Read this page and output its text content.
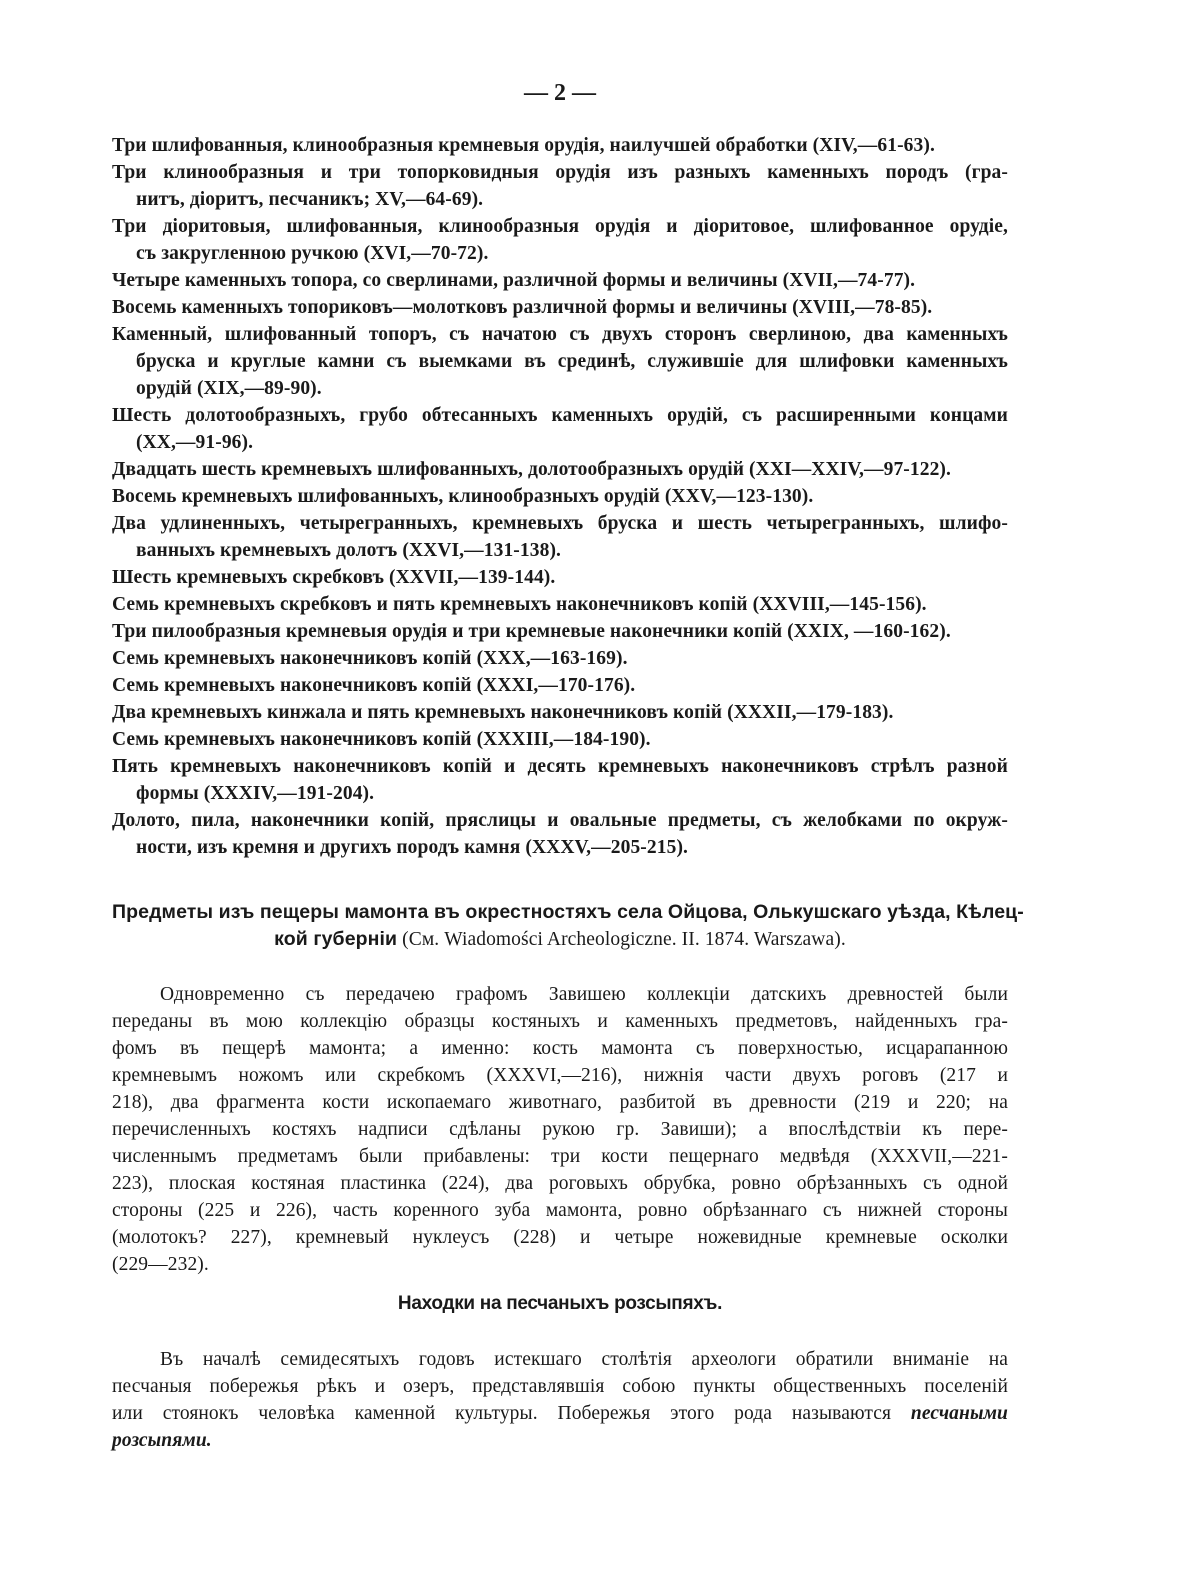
— 2 —
Три шлифованныя, клинообразныя кремневыя орудія, наилучшей обработки (XIV,—61-63).
Три клинообразныя и три топорковидныя орудія изъ разныхъ каменныхъ породъ (гра-
нитъ, діоритъ, песчаникъ; XV,—64-69).
Три діоритовыя, шлифованныя, клинообразныя орудія и діоритовое, шлифованное орудіе,
съ закругленною ручкою (XVI,—70-72).
Четыре каменныхъ топора, со сверлинами, различной формы и величины (XVII,—74-77).
Восемь каменныхъ топориковъ—молотковъ различной формы и величины (XVIII,—78-85).
Каменный, шлифованный топоръ, съ начатою съ двухъ сторонъ сверлиною, два каменныхъ
бруска и круглые камни съ выемками въ срединѣ, служившіе для шлифовки каменныхъ
орудій (XIX,—89-90).
Шесть долотообразныхъ, грубо обтесанныхъ каменныхъ орудій, съ расширенными концами
(XX,—91-96).
Двадцать шесть кремневыхъ шлифованныхъ, долотообразныхъ орудій (XXI—XXIV,—97-122).
Восемь кремневыхъ шлифованныхъ, клинообразныхъ орудій (XXV,—123-130).
Два удлиненныхъ, четырегранныхъ, кремневыхъ бруска и шесть четырегранныхъ, шлифо-
ванныхъ кремневыхъ долотъ (XXVI,—131-138).
Шесть кремневыхъ скребковъ (XXVII,—139-144).
Семь кремневыхъ скребковъ и пять кремневыхъ наконечниковъ копій (XXVIII,—145-156).
Три пилообразныя кремневыя орудія и три кремневые наконечники копій (XXIX, —160-162).
Семь кремневыхъ наконечниковъ копій (XXX,—163-169).
Семь кремневыхъ наконечниковъ копій (XXXI,—170-176).
Два кремневыхъ кинжала и пять кремневыхъ наконечниковъ копій (XXXII,—179-183).
Семь кремневыхъ наконечниковъ копій (XXXIII,—184-190).
Пять кремневыхъ наконечниковъ копій и десять кремневыхъ наконечниковъ стрѣлъ разной
формы (XXXIV,—191-204).
Долото, пила, наконечники копій, пряслицы и овальные предметы, съ желобками по окруж-
ности, изъ кремня и другихъ породъ камня (XXXV,—205-215).
Предметы изъ пещеры мамонта въ окрестностяхъ села Ойцова, Олькушскаго уѣзда, Кѣлец-
кой губерніи (См. Wiadomości Archeologiczne. II. 1874. Warszawa).
Одновременно съ передачею графомъ Завишею коллекціи датскихъ древностей были
переданы въ мою коллекцію образцы костяныхъ и каменныхъ предметовъ, найденныхъ гра-
фомъ въ пещерѣ мамонта; а именно: кость мамонта съ поверхностью, исцарапанною
кремневымъ ножомъ или скребкомъ (XXXVI,—216), нижнія части двухъ роговъ (217 и
218), два фрагмента кости ископаемаго животнаго, разбитой въ древности (219 и 220; на
перечисленныхъ костяхъ надписи сдѣланы рукою гр. Завиши); а впослѣдствіи къ пере-
численнымъ предметамъ были прибавлены: три кости пещернаго медвѣдя (XXXVII,—221-
223), плоская костяная пластинка (224), два роговыхъ обрубка, ровно обрѣзанныхъ съ одной
стороны (225 и 226), часть коренного зуба мамонта, ровно обрѣзаннаго съ нижней стороны
(молотокъ? 227), кремневый нуклеусъ (228) и четыре ножевидные кремневые осколки
(229—232).
Находки на песчаныхъ розсыпяхъ.
Въ началѣ семидесятыхъ годовъ истекшаго столѣтія археологи обратили вниманіе на
песчаныя побережья рѣкъ и озеръ, представлявшія собою пункты общественныхъ поселеній
или стоянокъ человѣка каменной культуры. Побережья этого рода называются песчаными
розсыпями.
